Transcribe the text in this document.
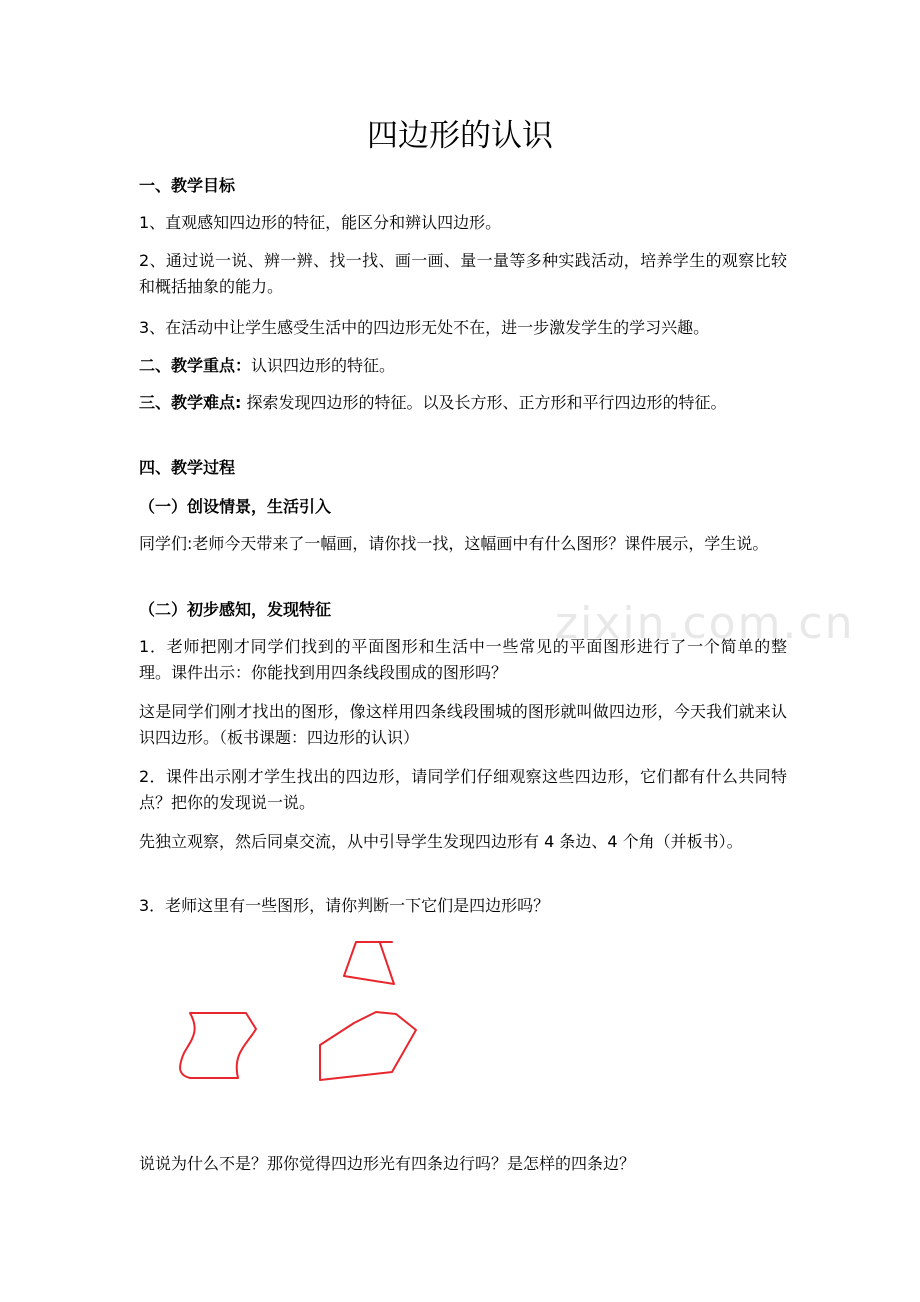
zixin.com.cn
四边形的认识

一、教学目标

1、直观感知四边形的特征，能区分和辨认四边形。

2、通过说一说、辨一辨、找一找、画一画、量一量等多种实践活动，培养学生的观察比较和概括抽象的能力。

3、在活动中让学生感受生活中的四边形无处不在，进一步激发学生的学习兴趣。

二、教学重点：认识四边形的特征。

三、教学难点: 探索发现四边形的特征。以及长方形、正方形和平行四边形的特征。

四、教学过程

（一）创设情景，生活引入

同学们:老师今天带来了一幅画，请你找一找，这幅画中有什么图形？课件展示，学生说。

（二）初步感知，发现特征

1．老师把刚才同学们找到的平面图形和生活中一些常见的平面图形进行了一个简单的整理。课件出示：你能找到用四条线段围成的图形吗？

这是同学们刚才找出的图形，像这样用四条线段围城的图形就叫做四边形，今天我们就来认识四边形。（板书课题：四边形的认识）

2．课件出示刚才学生找出的四边形，请同学们仔细观察这些四边形，它们都有什么共同特点？把你的发现说一说。

先独立观察，然后同桌交流，从中引导学生发现四边形有 4 条边、4 个角（并板书）。

3．老师这里有一些图形，请你判断一下它们是四边形吗？

说说为什么不是？那你觉得四边形光有四条边行吗？是怎样的四条边？
